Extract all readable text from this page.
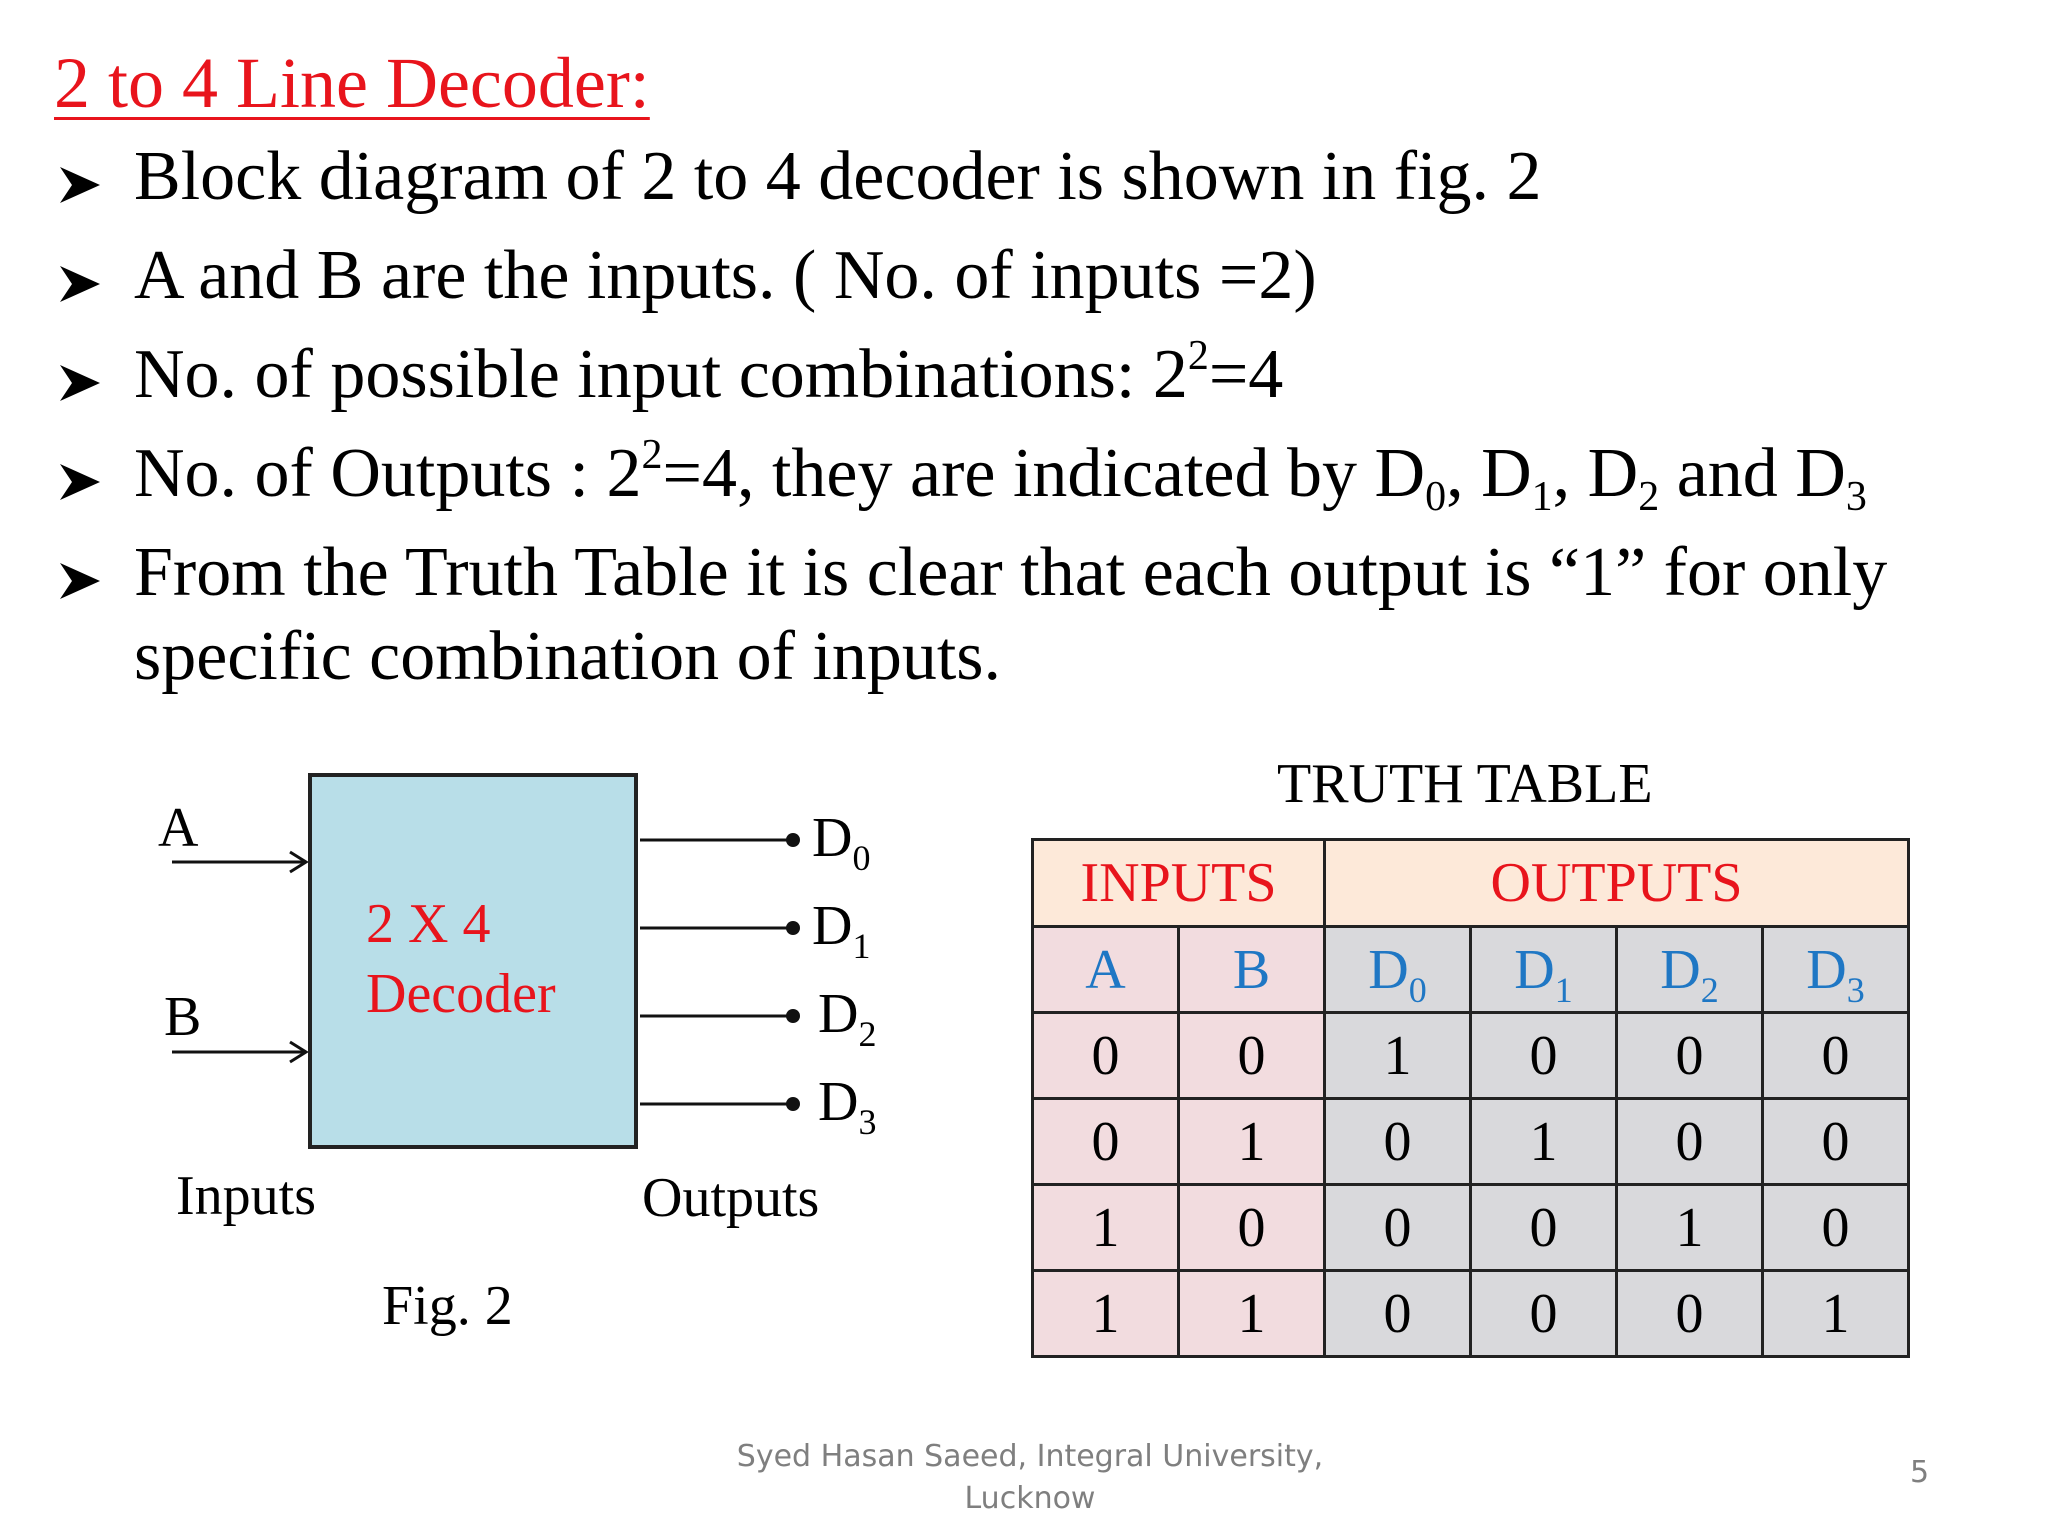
2 to 4 Line Decoder:
Block diagram of 2 to 4 decoder is shown in fig. 2
A and B are the inputs. ( No. of inputs =2)
No. of possible input combinations: $2^2=4$
No. of Outputs : $2^2=4$, they are indicated by $D_0$, $D_1$, $D_2$ and $D_3$
From the Truth Table it is clear that each output is “1” for only
specific combination of inputs.
A
B
2 X 4
Decoder
$D_0$
$D_1$
$D_2$
$D_3$
Inputs	Outputs
Fig. 2
TRUTH TABLE
INPUTS		OUTPUTS			
A	B	$D_0$	$D_1$	$D_2$	$D_3$
0	0	1	0	0	0
0	1	0	1	0	0
1	0	0	0	1	0
1	1	0	0	0	1
Syed Hasan Saeed, Integral University,
Lucknow
5
